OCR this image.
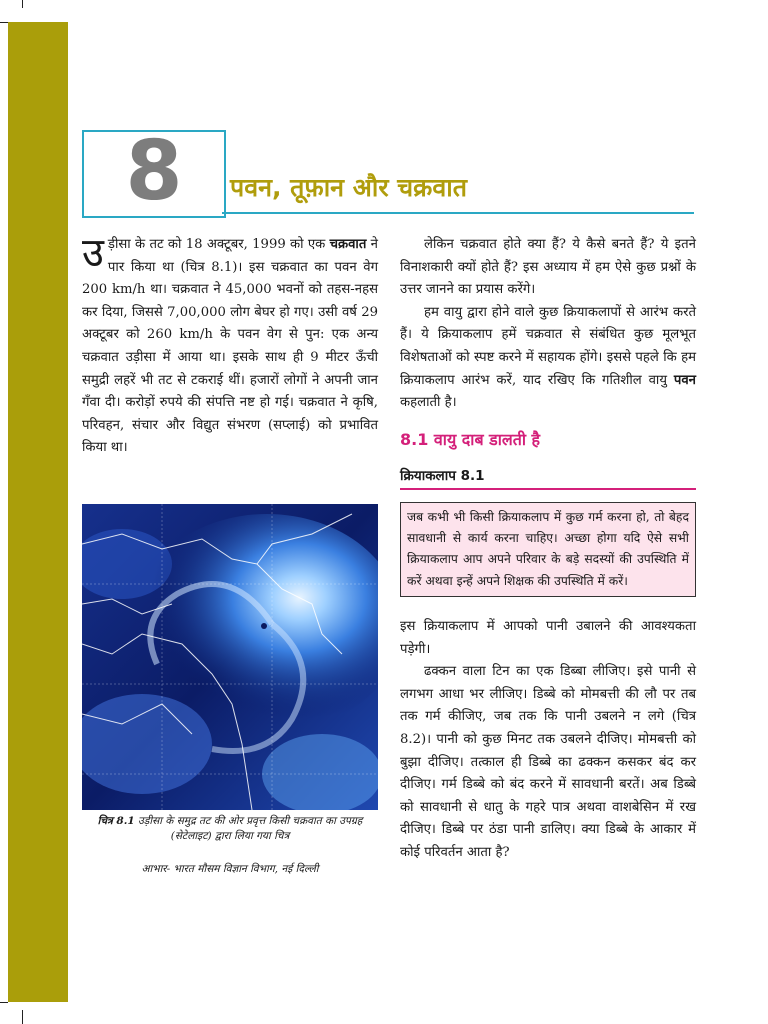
8	पवन, तूफ़ान और चक्रवात

उड़ीसा के तट को 18 अक्टूबर, 1999 को एक चक्रवात ने पार किया था (चित्र 8.1)। इस चक्रवात का पवन वेग 200 km/h था। चक्रवात ने 45,000 भवनों को तहस-नहस कर दिया, जिससे 7,00,000 लोग बेघर हो गए। उसी वर्ष 29 अक्टूबर को 260 km/h के पवन वेग से पुन: एक अन्य चक्रवात उड़ीसा में आया था। इसके साथ ही 9 मीटर ऊँची समुद्री लहरें भी तट से टकराई थीं। हजारों लोगों ने अपनी जान गँवा दी। करोड़ों रुपये की संपत्ति नष्ट हो गई। चक्रवात ने कृषि, परिवहन, संचार और विद्युत संभरण (सप्लाई) को प्रभावित किया था।

चित्र 8.1 उड़ीसा के समुद्र तट की ओर प्रवृत्त किसी चक्रवात का उपग्रह (सेटेलाइट) द्वारा लिया गया चित्र
आभार- भारत मौसम विज्ञान विभाग, नई दिल्ली

लेकिन चक्रवात होते क्या हैं? ये कैसे बनते हैं? ये इतने विनाशकारी क्यों होते हैं? इस अध्याय में हम ऐसे कुछ प्रश्नों के उत्तर जानने का प्रयास करेंगे।

हम वायु द्वारा होने वाले कुछ क्रियाकलापों से आरंभ करते हैं। ये क्रियाकलाप हमें चक्रवात से संबंधित कुछ मूलभूत विशेषताओं को स्पष्ट करने में सहायक होंगे। इससे पहले कि हम क्रियाकलाप आरंभ करें, याद रखिए कि गतिशील वायु पवन कहलाती है।

8.1 वायु दाब डालती है
क्रियाकलाप 8.1
जब कभी भी किसी क्रियाकलाप में कुछ गर्म करना हो, तो बेहद सावधानी से कार्य करना चाहिए। अच्छा होगा यदि ऐसे सभी क्रियाकलाप आप अपने परिवार के बड़े सदस्यों की उपस्थिति में करें अथवा इन्हें अपने शिक्षक की उपस्थिति में करें।

इस क्रियाकलाप में आपको पानी उबालने की आवश्यकता पड़ेगी।

ढक्कन वाला टिन का एक डिब्बा लीजिए। इसे पानी से लगभग आधा भर लीजिए। डिब्बे को मोमबत्ती की लौ पर तब तक गर्म कीजिए, जब तक कि पानी उबलने न लगे (चित्र 8.2)। पानी को कुछ मिनट तक उबलने दीजिए। मोमबत्ती को बुझा दीजिए। तत्काल ही डिब्बे का ढक्कन कसकर बंद कर दीजिए। गर्म डिब्बे को बंद करने में सावधानी बरतें। अब डिब्बे को सावधानी से धातु के गहरे पात्र अथवा वाशबेसिन में रख दीजिए। डिब्बे पर ठंडा पानी डालिए। क्या डिब्बे के आकार में कोई परिवर्तन आता है?
